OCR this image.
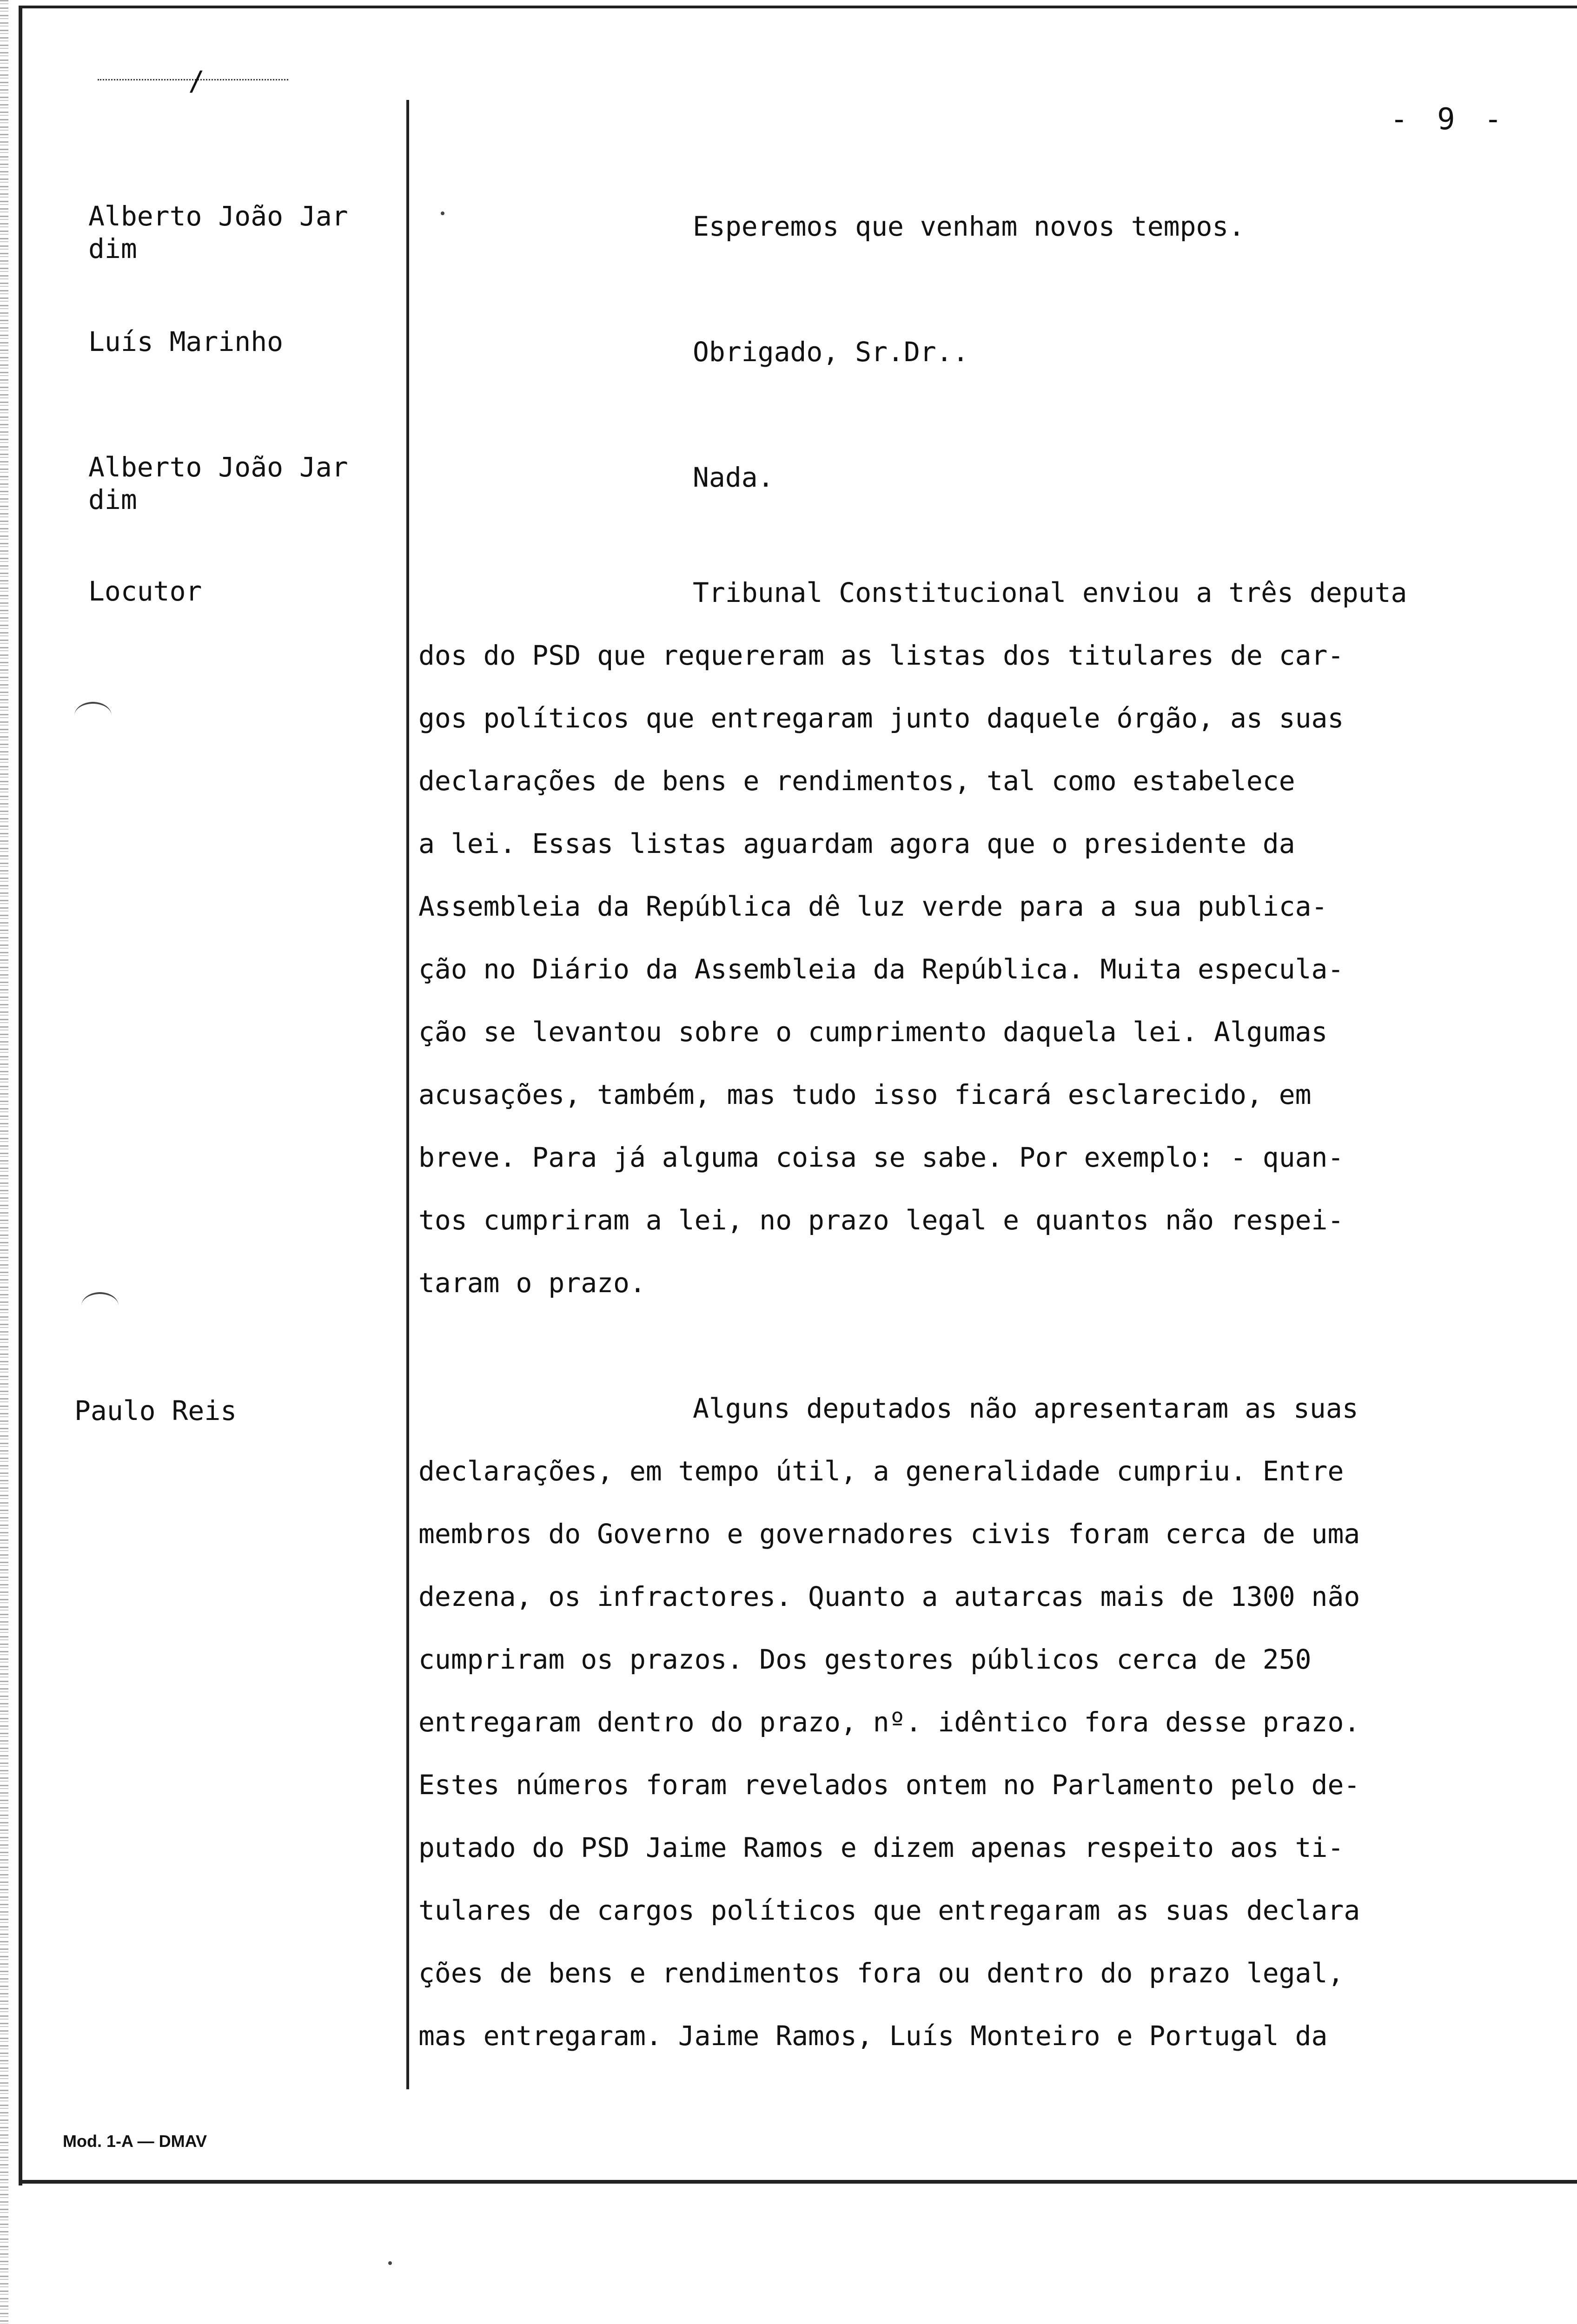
/
- 9 -
Alberto João Jar
dim
Luís Marinho
Alberto João Jar
dim
Locutor
Paulo Reis
Esperemos que venham novos tempos.
Obrigado, Sr.Dr..
Nada.
Tribunal Constitucional enviou a três deputa
dos do PSD que requereram as listas dos titulares de car-
gos políticos que entregaram junto daquele órgão, as suas
declarações de bens e rendimentos, tal como estabelece
a lei. Essas listas aguardam agora que o presidente da
Assembleia da República dê luz verde para a sua publica-
ção no Diário da Assembleia da República. Muita especula-
ção se levantou sobre o cumprimento daquela lei. Algumas
acusações, também, mas tudo isso ficará esclarecido, em
breve. Para já alguma coisa se sabe. Por exemplo: - quan-
tos cumpriram a lei, no prazo legal e quantos não respei-
taram o prazo.
Alguns deputados não apresentaram as suas
declarações, em tempo útil, a generalidade cumpriu. Entre
membros do Governo e governadores civis foram cerca de uma
dezena, os infractores. Quanto a autarcas mais de 1300 não
cumpriram os prazos. Dos gestores públicos cerca de 250
entregaram dentro do prazo, nº. idêntico fora desse prazo.
Estes números foram revelados ontem no Parlamento pelo de-
putado do PSD Jaime Ramos e dizem apenas respeito aos ti-
tulares de cargos políticos que entregaram as suas declara
ções de bens e rendimentos fora ou dentro do prazo legal,
mas entregaram. Jaime Ramos, Luís Monteiro e Portugal da
Mod. 1-A — DMAV
